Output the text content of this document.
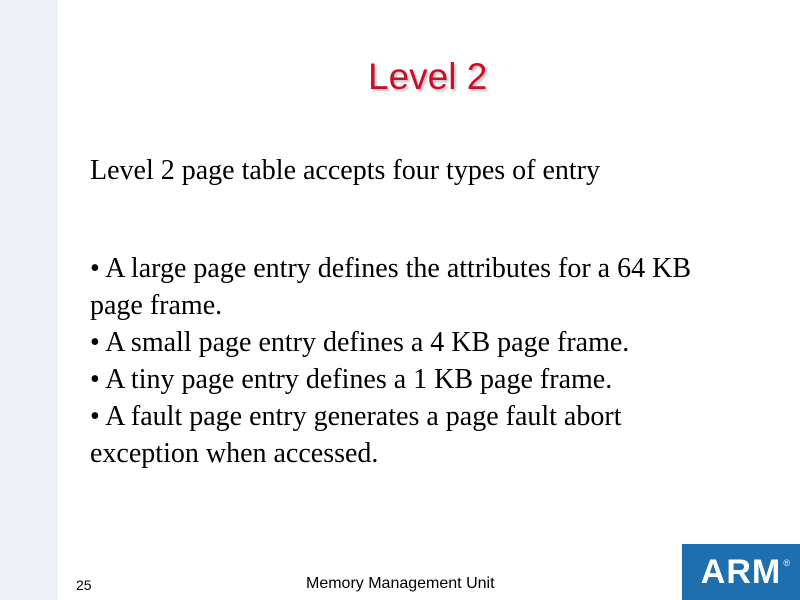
Level 2
Level 2 page table accepts four types of entry

• A large page entry defines the attributes for a 64 KB page frame.

• A small page entry defines a 4 KB page frame.

• A tiny page entry defines a 1 KB page frame.

• A fault page entry generates a page fault abort exception when accessed.

25	Memory Management Unit	ARM ®
